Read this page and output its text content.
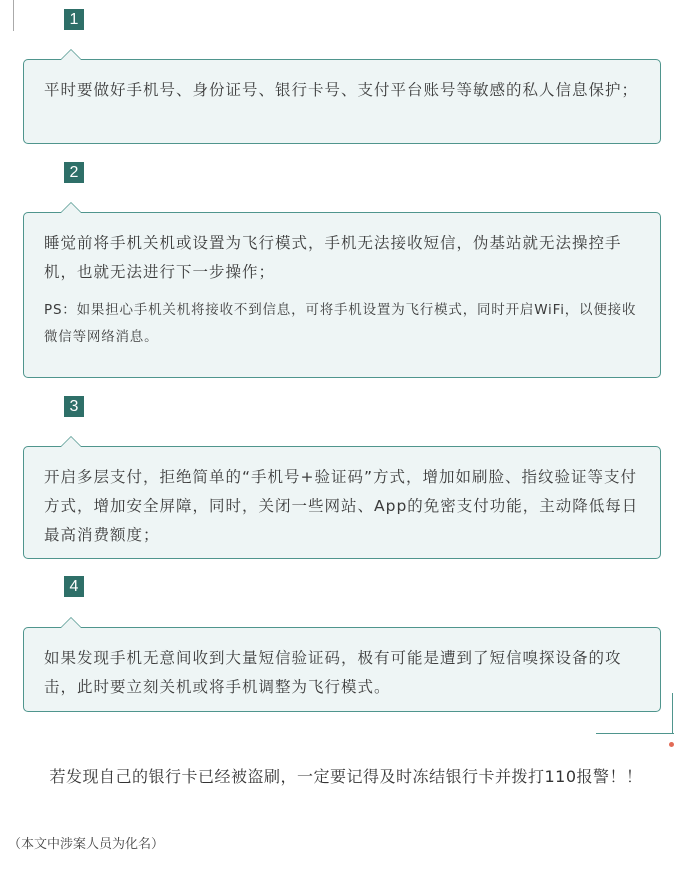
1

平时要做好手机号、身份证号、银行卡号、支付平台账号等敏感的私人信息保护；

2

睡觉前将手机关机或设置为飞行模式，手机无法接收短信，伪基站就无法操控手机，也就无法进行下一步操作；

PS：如果担心手机关机将接收不到信息，可将手机设置为飞行模式，同时开启WiFi，以便接收微信等网络消息。

3

开启多层支付，拒绝简单的“手机号+验证码”方式，增加如刷脸、指纹验证等支付方式，增加安全屏障，同时，关闭一些网站、App的免密支付功能，主动降低每日最高消费额度；

4

如果发现手机无意间收到大量短信验证码，极有可能是遭到了短信嗅探设备的攻击，此时要立刻关机或将手机调整为飞行模式。

若发现自己的银行卡已经被盗刷，一定要记得及时冻结银行卡并拨打110报警！！
（本文中涉案人员为化名）
